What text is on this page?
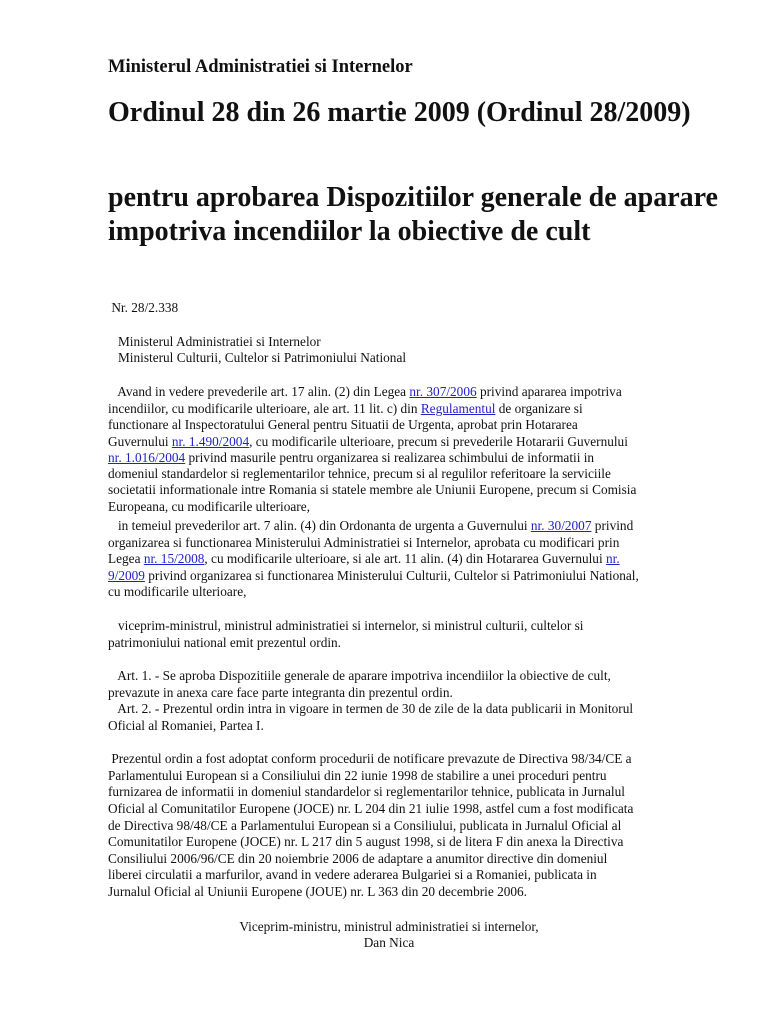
Ministerul Administratiei si Internelor
Ordinul 28 din 26 martie 2009 (Ordinul 28/2009)
pentru aprobarea Dispozitiilor generale de aparare impotriva incendiilor la obiective de cult
Nr. 28/2.338
Ministerul Administratiei si Internelor
Ministerul Culturii, Cultelor si Patrimoniului National
Avand in vedere prevederile art. 17 alin. (2) din Legea nr. 307/2006 privind apararea impotriva
incendiilor, cu modificarile ulterioare, ale art. 11 lit. c) din Regulamentul de organizare si
functionare al Inspectoratului General pentru Situatii de Urgenta, aprobat prin Hotararea
Guvernului nr. 1.490/2004, cu modificarile ulterioare, precum si prevederile Hotararii Guvernului
nr. 1.016/2004 privind masurile pentru organizarea si realizarea schimbului de informatii in
domeniul standardelor si reglementarilor tehnice, precum si al regulilor referitoare la serviciile
societatii informationale intre Romania si statele membre ale Uniunii Europene, precum si Comisia
Europeana, cu modificarile ulterioare,
in temeiul prevederilor art. 7 alin. (4) din Ordonanta de urgenta a Guvernului nr. 30/2007 privind
organizarea si functionarea Ministerului Administratiei si Internelor, aprobata cu modificari prin
Legea nr. 15/2008, cu modificarile ulterioare, si ale art. 11 alin. (4) din Hotararea Guvernului nr.
9/2009 privind organizarea si functionarea Ministerului Culturii, Cultelor si Patrimoniului National,
cu modificarile ulterioare,
viceprim-ministrul, ministrul administratiei si internelor, si ministrul culturii, cultelor si
patrimoniului national emit prezentul ordin.
Art. 1. - Se aproba Dispozitiile generale de aparare impotriva incendiilor la obiective de cult,
prevazute in anexa care face parte integranta din prezentul ordin.
Art. 2. - Prezentul ordin intra in vigoare in termen de 30 de zile de la data publicarii in Monitorul
Oficial al Romaniei, Partea I.
Prezentul ordin a fost adoptat conform procedurii de notificare prevazute de Directiva 98/34/CE a
Parlamentului European si a Consiliului din 22 iunie 1998 de stabilire a unei proceduri pentru
furnizarea de informatii in domeniul standardelor si reglementarilor tehnice, publicata in Jurnalul
Oficial al Comunitatilor Europene (JOCE) nr. L 204 din 21 iulie 1998, astfel cum a fost modificata
de Directiva 98/48/CE a Parlamentului European si a Consiliului, publicata in Jurnalul Oficial al
Comunitatilor Europene (JOCE) nr. L 217 din 5 august 1998, si de litera F din anexa la Directiva
Consiliului 2006/96/CE din 20 noiembrie 2006 de adaptare a anumitor directive din domeniul
liberei circulatii a marfurilor, avand in vedere aderarea Bulgariei si a Romaniei, publicata in
Jurnalul Oficial al Uniunii Europene (JOUE) nr. L 363 din 20 decembrie 2006.
Viceprim-ministru, ministrul administratiei si internelor,
Dan Nica
